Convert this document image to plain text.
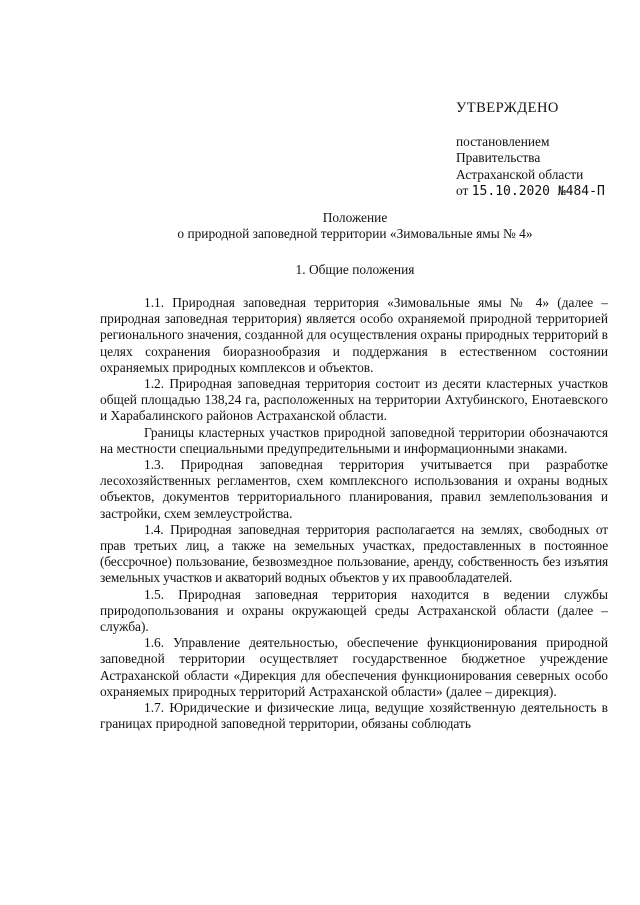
УТВЕРЖДЕНО
постановлением
Правительства
Астраханской области
от 15.10.2020 №484-П
Положение
о природной заповедной территории «Зимовальные ямы № 4»
1. Общие положения

1.1. Природная заповедная территория «Зимовальные ямы № 4» (далее – природная заповедная территория) является особо охраняемой природной территорией регионального значения, созданной для осуществления охраны природных территорий в целях сохранения биоразнообразия и поддержания в естественном состоянии охраняемых природных комплексов и объектов.

1.2. Природная заповедная территория состоит из десяти кластерных участков общей площадью 138,24 га, расположенных на территории Ахтубинского, Енотаевского и Харабалинского районов Астраханской области.

Границы кластерных участков природной заповедной территории обозначаются на местности специальными предупредительными и информационными знаками.

1.3. Природная заповедная территория учитывается при разработке лесохозяйственных регламентов, схем комплексного использования и охраны водных объектов, документов территориального планирования, правил землепользования и застройки, схем землеустройства.

1.4. Природная заповедная территория располагается на землях, свободных от прав третьих лиц, а также на земельных участках, предоставленных в постоянное (бессрочное) пользование, безвозмездное пользование, аренду, собственность без изъятия земельных участков и акваторий водных объектов у их правообладателей.

1.5. Природная заповедная территория находится в ведении службы природопользования и охраны окружающей среды Астраханской области (далее – служба).

1.6. Управление деятельностью, обеспечение функционирования природной заповедной территории осуществляет государственное бюджетное учреждение Астраханской области «Дирекция для обеспечения функционирования северных особо охраняемых природных территорий Астраханской области» (далее – дирекция).

1.7. Юридические и физические лица, ведущие хозяйственную деятельность в границах природной заповедной территории, обязаны соблюдать
